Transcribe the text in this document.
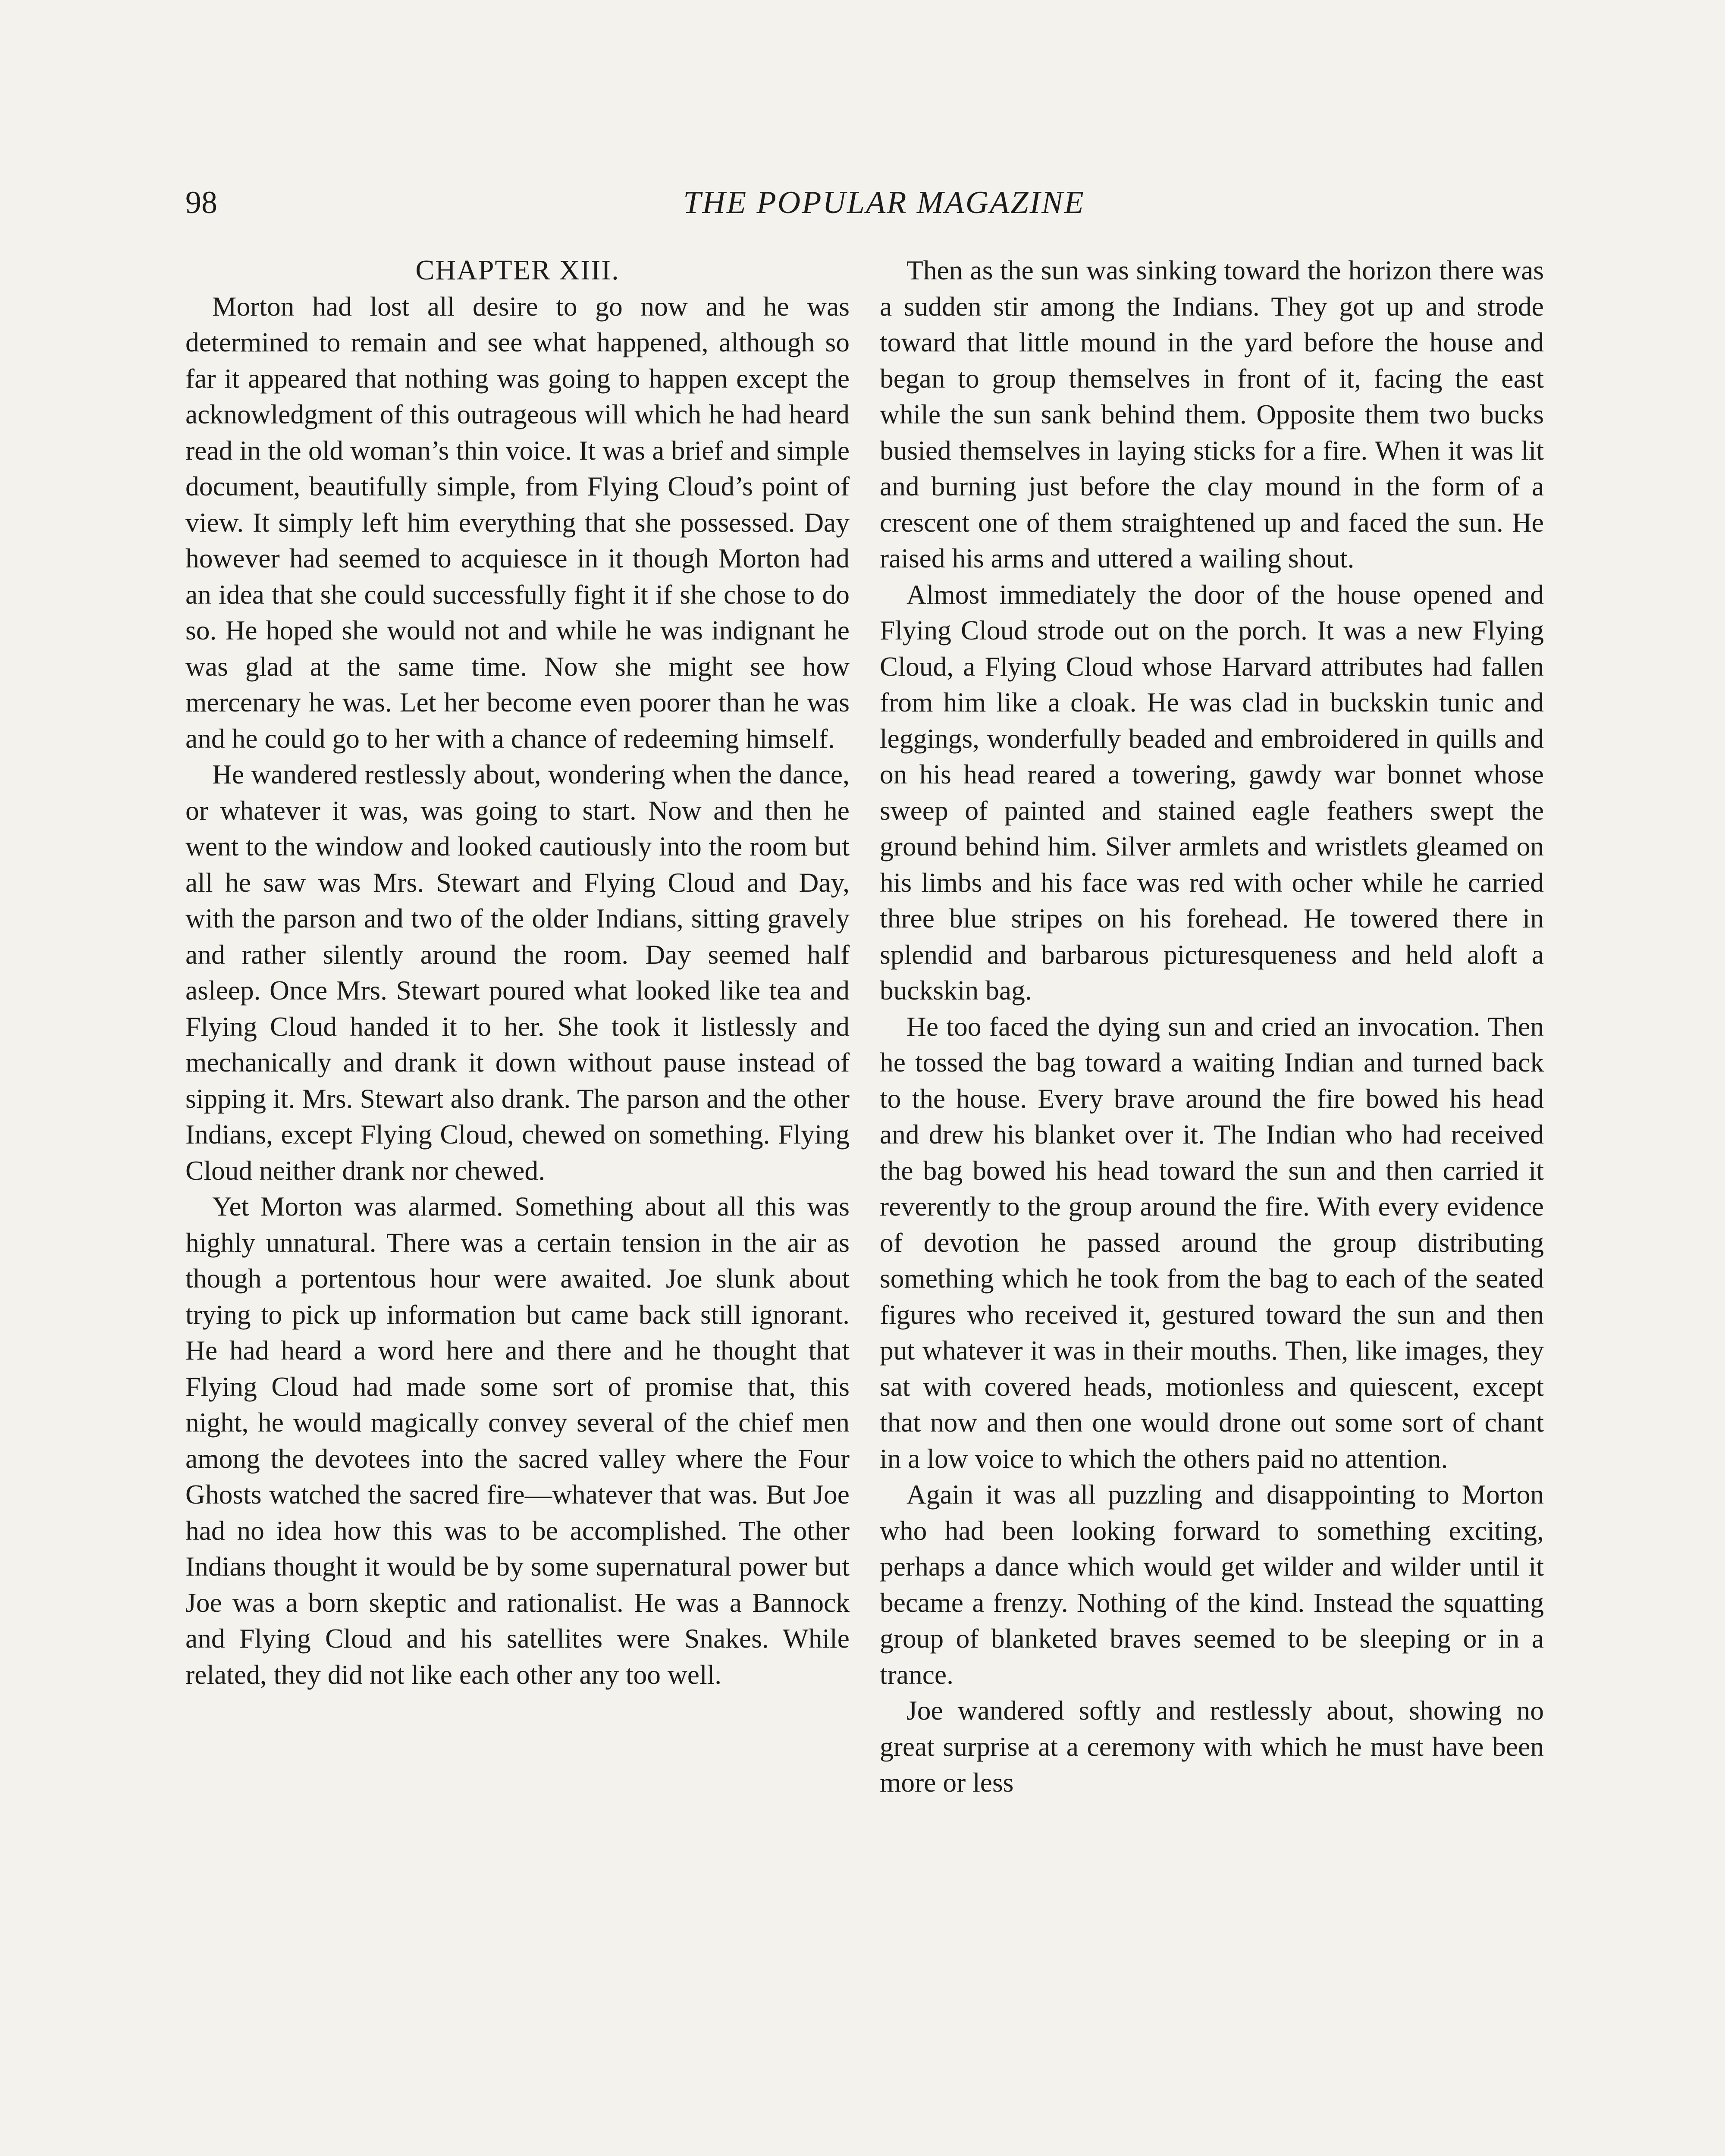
98	THE POPULAR MAGAZINE
CHAPTER XIII.

Morton had lost all desire to go now and he was determined to remain and see what happened, although so far it appeared that nothing was going to happen except the acknowledgment of this outrageous will which he had heard read in the old woman’s thin voice. It was a brief and simple document, beautifully simple, from Flying Cloud’s point of view. It simply left him everything that she possessed. Day however had seemed to acquiesce in it though Morton had an idea that she could successfully fight it if she chose to do so. He hoped she would not and while he was indignant he was glad at the same time. Now she might see how mercenary he was. Let her become even poorer than he was and he could go to her with a chance of redeeming himself.

He wandered restlessly about, wondering when the dance, or whatever it was, was going to start. Now and then he went to the window and looked cautiously into the room but all he saw was Mrs. Stewart and Flying Cloud and Day, with the parson and two of the older Indians, sitting gravely and rather silently around the room. Day seemed half asleep. Once Mrs. Stewart poured what looked like tea and Flying Cloud handed it to her. She took it listlessly and mechanically and drank it down without pause instead of sipping it. Mrs. Stewart also drank. The parson and the other Indians, except Flying Cloud, chewed on something. Flying Cloud neither drank nor chewed.

Yet Morton was alarmed. Something about all this was highly unnatural. There was a certain tension in the air as though a portentous hour were awaited. Joe slunk about trying to pick up information but came back still ignorant. He had heard a word here and there and he thought that Flying Cloud had made some sort of promise that, this night, he would magically convey several of the chief men among the devotees into the sacred valley where the Four Ghosts watched the sacred fire—whatever that was. But Joe had no idea how this was to be accomplished. The other Indians thought it would be by some supernatural power but Joe was a born skeptic and rationalist. He was a Bannock and Flying Cloud and his satellites were Snakes. While related, they did not like each other any too well.

Then as the sun was sinking toward the horizon there was a sudden stir among the Indians. They got up and strode toward that little mound in the yard before the house and began to group themselves in front of it, facing the east while the sun sank behind them. Opposite them two bucks busied themselves in laying sticks for a fire. When it was lit and burning just before the clay mound in the form of a crescent one of them straightened up and faced the sun. He raised his arms and uttered a wailing shout.

Almost immediately the door of the house opened and Flying Cloud strode out on the porch. It was a new Flying Cloud, a Flying Cloud whose Harvard attributes had fallen from him like a cloak. He was clad in buckskin tunic and leggings, wonderfully beaded and embroidered in quills and on his head reared a towering, gawdy war bonnet whose sweep of painted and stained eagle feathers swept the ground behind him. Silver armlets and wristlets gleamed on his limbs and his face was red with ocher while he carried three blue stripes on his forehead. He towered there in splendid and barbarous picturesqueness and held aloft a buckskin bag.

He too faced the dying sun and cried an invocation. Then he tossed the bag toward a waiting Indian and turned back to the house. Every brave around the fire bowed his head and drew his blanket over it. The Indian who had received the bag bowed his head toward the sun and then carried it reverently to the group around the fire. With every evidence of devotion he passed around the group distributing something which he took from the bag to each of the seated figures who received it, gestured toward the sun and then put whatever it was in their mouths. Then, like images, they sat with covered heads, motionless and quiescent, except that now and then one would drone out some sort of chant in a low voice to which the others paid no attention.

Again it was all puzzling and disappointing to Morton who had been looking forward to something exciting, perhaps a dance which would get wilder and wilder until it became a frenzy. Nothing of the kind. Instead the squatting group of blanketed braves seemed to be sleeping or in a trance.

Joe wandered softly and restlessly about, showing no great surprise at a ceremony with which he must have been more or less
